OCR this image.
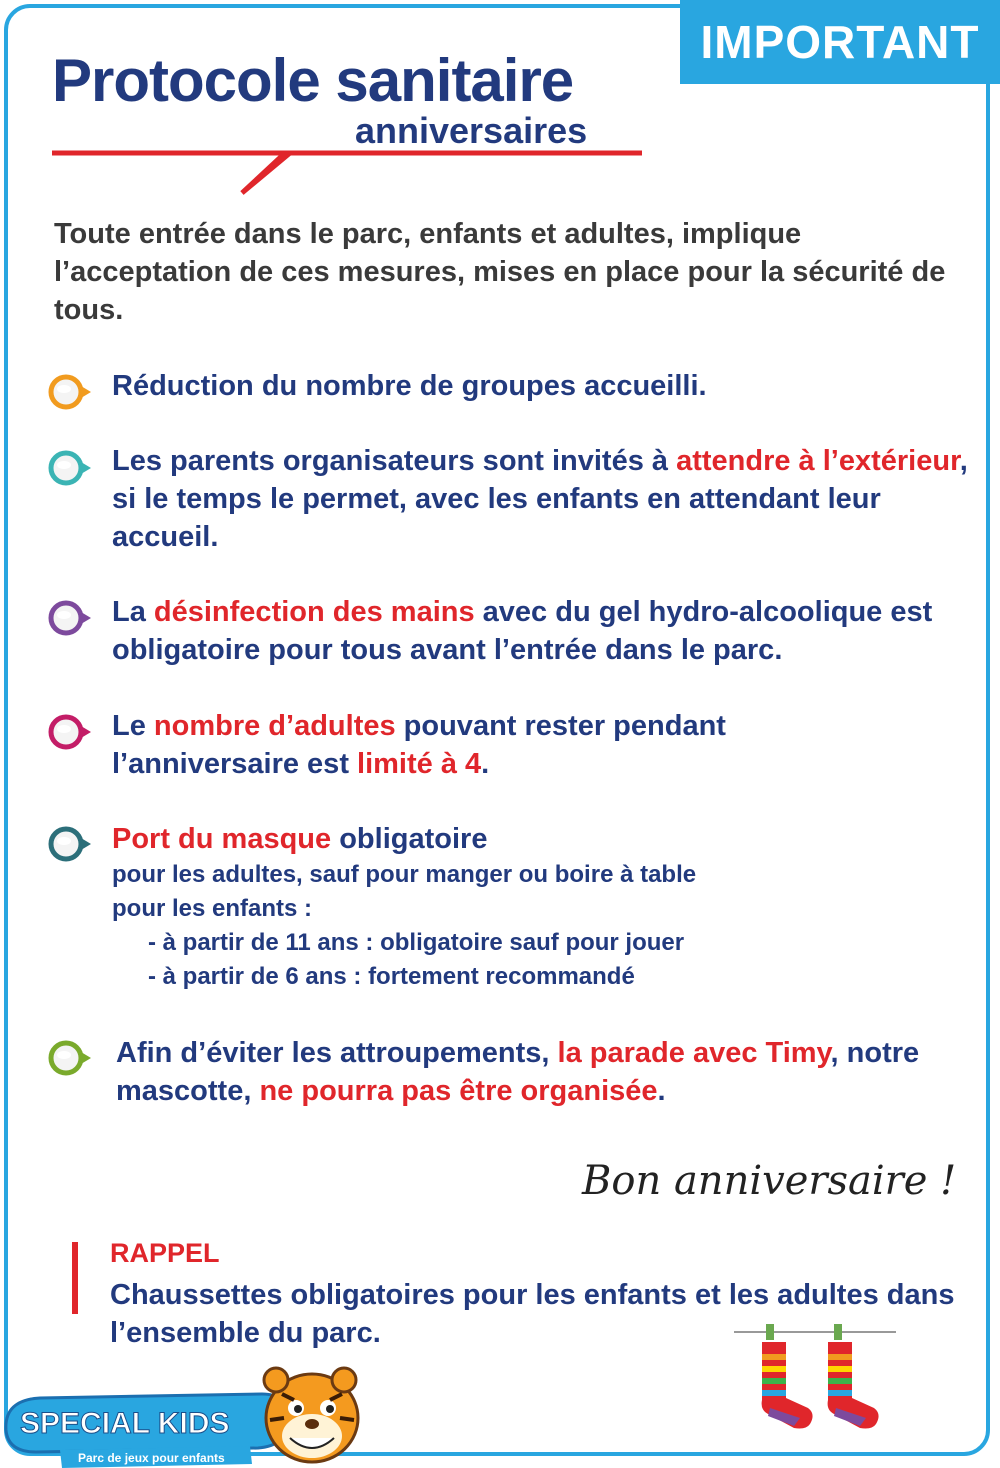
IMPORTANT
Protocole sanitaire
anniversaires
Toute entrée dans le parc, enfants et adultes, implique l’acceptation de ces mesures, mises en place pour la sécurité de tous.
Réduction du nombre de groupes accueilli.
Les parents organisateurs sont invités à attendre à l’extérieur, si le temps le permet, avec les enfants en attendant leur accueil.
La désinfection des mains avec du gel hydro-alcoolique est obligatoire pour tous avant l’entrée dans le parc.
Le nombre d’adultes pouvant rester pendant l’anniversaire est limité à 4.
Port du masque obligatoire
pour les adultes, sauf pour manger ou boire à table
pour les enfants :
- à partir de 11 ans : obligatoire sauf pour jouer
- à partir de 6 ans : fortement recommandé
Afin d’éviter les attroupements, la parade avec Timy, notre mascotte, ne pourra pas être organisée.
Bon anniversaire !
RAPPEL
Chaussettes obligatoires pour les enfants et les adultes dans l’ensemble du parc.
SPECIAL KIDS
Parc de jeux pour enfants
